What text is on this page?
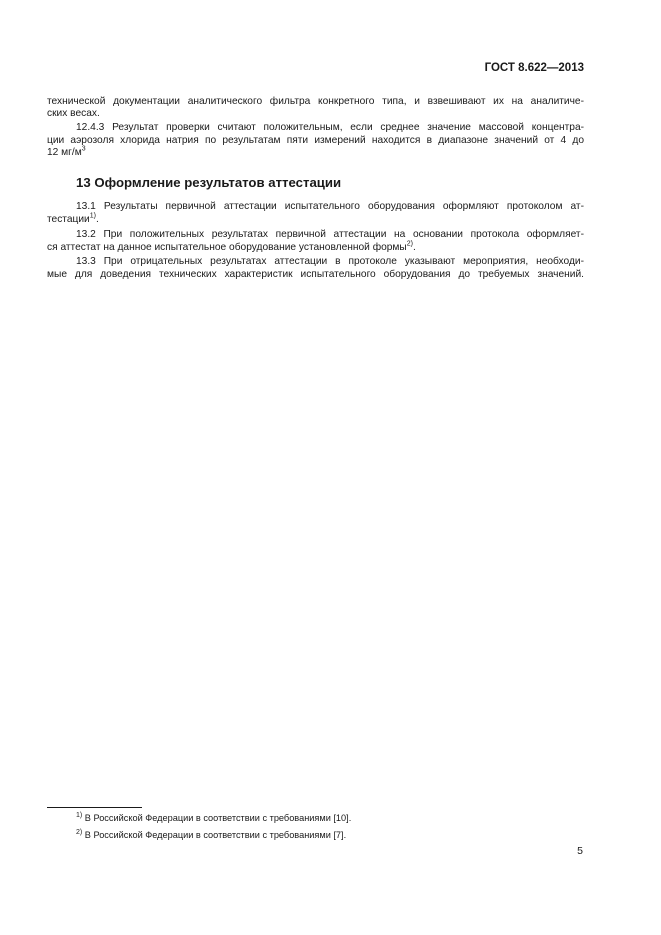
ГОСТ 8.622—2013
технической документации аналитического фильтра конкретного типа, и взвешивают их на аналитиче-
ских весах.
12.4.3 Результат проверки считают положительным, если среднее значение массовой концентра-
ции аэрозоля хлорида натрия по результатам пяти измерений находится в диапазоне значений от 4 до
12 $мг/м^3$
13 Оформление результатов аттестации
13.1 Результаты первичной аттестации испытательного оборудования оформляют протоколом ат-
тестации$^{1)}$.
13.2 При положительных результатах первичной аттестации на основании протокола оформляет-
ся аттестат на данное испытательное оборудование установленной формы$^{2)}$.
13.3 При отрицательных результатах аттестации в протоколе указывают мероприятия, необходи-
мые для доведения технических характеристик испытательного оборудования до требуемых значений.
$^{1)}$ В Российской Федерации в соответствии с требованиями [10].
$^{2)}$ В Российской Федерации в соответствии с требованиями [7].
5
